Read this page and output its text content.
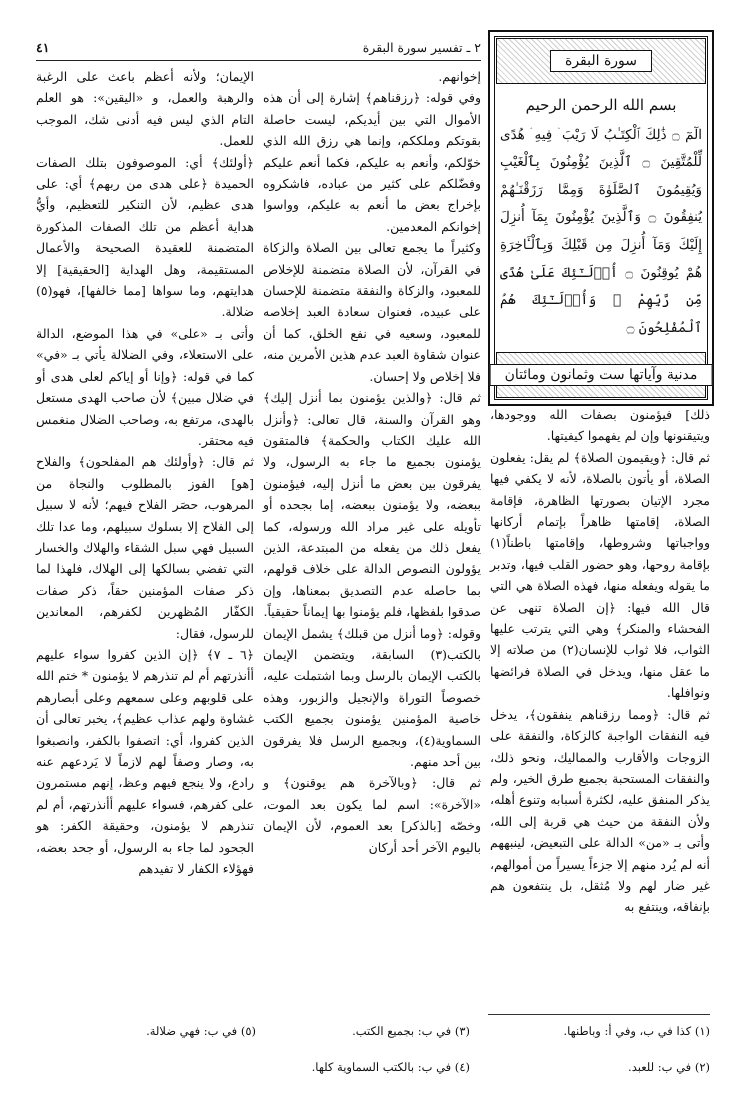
٢ ـ تفسير سورة البقرة
٤١
سورة البقرة
بسم الله الرحمن الرحيم
الٓمٓ ۝ ذَٰلِكَ ٱلْكِتَـٰبُ لَا رَيْبَ ۛ فِيهِ ۛ هُدًى لِّلْمُتَّقِينَ ۝ ٱلَّذِينَ يُؤْمِنُونَ بِٱلْغَيْبِ وَيُقِيمُونَ ٱلصَّلَوٰةَ وَمِمَّا رَزَقْنَـٰهُمْ يُنفِقُونَ ۝ وَٱلَّذِينَ يُؤْمِنُونَ بِمَآ أُنزِلَ إِلَيْكَ وَمَآ أُنزِلَ مِن قَبْلِكَ وَبِٱلْـَٔاخِرَةِ هُمْ يُوقِنُونَ ۝ أُو۟لَـٰٓئِكَ عَلَىٰ هُدًى مِّن رَّبِّهِمْ ۖ وَأُو۟لَـٰٓئِكَ هُمُ ٱلْمُفْلِحُونَ ۝
مدنية وآياتها ست وثمانون ومائتان

ذلك] فيؤمنون بصفات الله ووجودها، ويتيقنونها وإن لم يفهموا كيفيتها.

ثم قال: ﴿ويقيمون الصلاة﴾ لم يقل: يفعلون الصلاة، أو يأتون بالصلاة، لأنه لا يكفي فيها مجرد الإتيان بصورتها الظاهرة، فإقامة الصلاة، إقامتها ظاهراً بإتمام أركانها وواجباتها وشروطها، وإقامتها باطناً(١) بإقامة روحها، وهو حضور القلب فيها، وتدبر ما يقوله ويفعله منها، فهذه الصلاة هي التي قال الله فيها: ﴿إن الصلاة تنهى عن الفحشاء والمنكر﴾ وهي التي يترتب عليها الثواب، فلا ثواب للإنسان(٢) من صلاته إلا ما عقل منها، ويدخل في الصلاة فرائضها ونوافلها.

ثم قال: ﴿ومما رزقناهم ينفقون﴾، يدخل فيه النفقات الواجبة كالزكاة، والنفقة على الزوجات والأقارب والمماليك، ونحو ذلك، والنفقات المستحبة بجميع طرق الخير، ولم يذكر المنفق عليه، لكثرة أسبابه وتنوع أهله، ولأن النفقة من حيث هي قربة إلى الله، وأتى بـ «من» الدالة على التبعيض، لينبههم أنه لم يُرد منهم إلا جزءاً يسيراً من أموالهم، غير ضار لهم ولا مُثقل، بل ينتفعون هم بإنفاقه، وينتفع به

إخوانهم.

وفي قوله: ﴿رزقناهم﴾ إشارة إلى أن هذه الأموال التي بين أيديكم، ليست حاصلة بقوتكم وملككم، وإنما هي رزق الله الذي خوّلكم، وأنعم به عليكم، فكما أنعم عليكم وفضّلكم على كثير من عباده، فاشكروه بإخراج بعض ما أنعم به عليكم، وواسوا إخوانكم المعدمين.

وكثيراً ما يجمع تعالى بين الصلاة والزكاة في القرآن، لأن الصلاة متضمنة للإخلاص للمعبود، والزكاة والنفقة متضمنة للإحسان على عبيده، فعنوان سعادة العبد إخلاصه للمعبود، وسعيه في نفع الخلق، كما أن عنوان شقاوة العبد عدم هذين الأمرين منه، فلا إخلاص ولا إحسان.

ثم قال: ﴿والذين يؤمنون بما أنزل إليك﴾ وهو القرآن والسنة، قال تعالى: ﴿وأنزل الله عليك الكتاب والحكمة﴾ فالمتقون يؤمنون بجميع ما جاء به الرسول، ولا يفرقون بين بعض ما أنزل إليه، فيؤمنون ببعضه، ولا يؤمنون ببعضه، إما بجحده أو تأويله على غير مراد الله ورسوله، كما يفعل ذلك من يفعله من المبتدعة، الذين يؤولون النصوص الدالة على خلاف قولهم، بما حاصله عدم التصديق بمعناها، وإن صدقوا بلفظها، فلم يؤمنوا بها إيماناً حقيقياً.

وقوله: ﴿وما أنزل من قبلك﴾ يشمل الإيمان بالكتب(٣) السابقة، ويتضمن الإيمان بالكتب الإيمان بالرسل وبما اشتملت عليه، خصوصاً التوراة والإنجيل والزبور، وهذه خاصية المؤمنين يؤمنون بجميع الكتب السماوية(٤)، وبجميع الرسل فلا يفرقون بين أحد منهم.

ثم قال: ﴿وبالآخرة هم يوقنون﴾ و «الآخرة»: اسم لما يكون بعد الموت، وخصّه [بالذكر] بعد العموم، لأن الإيمان باليوم الآخر أحد أركان

الإيمان؛ ولأنه أعظم باعث على الرغبة والرهبة والعمل، و «اليقين»: هو العلم التام الذي ليس فيه أدنى شك، الموجب للعمل.

﴿أولئك﴾ أي: الموصوفون بتلك الصفات الحميدة ﴿على هدى من ربهم﴾ أي: على هدى عظيم، لأن التنكير للتعظيم، وأيُّ هداية أعظم من تلك الصفات المذكورة المتضمنة للعقيدة الصحيحة والأعمال المستقيمة، وهل الهداية [الحقيقية] إلا هدايتهم، وما سواها [مما خالفها]، فهو(٥) ضلالة.

وأتى بـ «على» في هذا الموضع، الدالة على الاستعلاء، وفي الضلالة يأتي بـ «في» كما في قوله: ﴿وإنا أو إياكم لعلى هدى أو في ضلال مبين﴾ لأن صاحب الهدى مستعل بالهدى، مرتفع به، وصاحب الضلال منغمس فيه محتقر.

ثم قال: ﴿وأولئك هم المفلحون﴾ والفلاح [هو] الفوز بالمطلوب والنجاة من المرهوب، حصَر الفلاح فيهم؛ لأنه لا سبيل إلى الفلاح إلا بسلوك سبيلهم، وما عدا تلك السبيل فهي سبل الشقاء والهلاك والخسار التي تفضي بسالكها إلى الهلاك، فلهذا لما ذكر صفات المؤمنين حقاً، ذكر صفات الكفّار المُظهرين لكفرهم، المعاندين للرسول، فقال:

﴿٦ ـ ٧﴾ ﴿إن الذين كفروا سواء عليهم أأنذرتهم أم لم تنذرهم لا يؤمنون * ختم الله على قلوبهم وعلى سمعهم وعلى أبصارهم غشاوة ولهم عذاب عظيم﴾، يخبر تعالى أن الذين كفروا، أي: اتصفوا بالكفر، وانصبغوا به، وصار وصفاً لهم لازماً لا يَردعهم عنه رادع، ولا ينجع فيهم وعظ، إنهم مستمرون على كفرهم، فسواء عليهم أأنذرتهم، أم لم تنذرهم لا يؤمنون، وحقيقة الكفر: هو الجحود لما جاء به الرسول، أو جحد بعضه، فهؤلاء الكفار لا تفيدهم

(١) كذا في ب، وفي أ: وباطنها.
(٢) في ب: للعبد.
(٣) في ب: بجميع الكتب.
(٤) في ب: بالكتب السماوية كلها.
(٥) في ب: فهي ضلالة.
